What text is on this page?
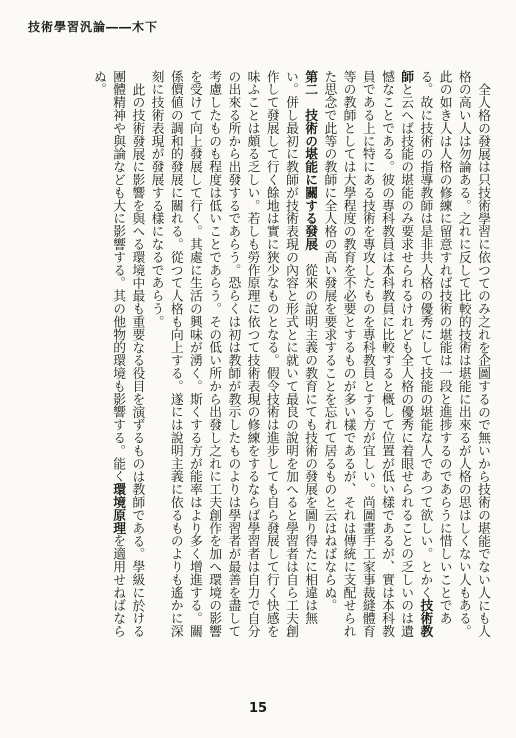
技術學習汎論――木下

全人格の發展は只技術學習に依つてのみ之れを企圖するので無いから技術の堪能でない人にも人格の高い人は勿論ある。之れに反して比較的技術は堪能に出來るが人格の思はしくない人もある。此の如き人は人格の修練に留意すれば技術の堪能は一段と進捗するのであらうに惜しいことである。故に技術の指導教師は是非共人格の優秀にして技能の堪能な人であつて欲しい。とかく技術教師と云へば技能の堪能のみ要求せられるけれども全人格の優秀に着眼せられることの乏しいのは遺憾なことである。彼の專科教員は本科教員に比較すると概して位置が低い樣であるが、實は本科教員である上に特にある技術を專攻したものを專科教員とする方が宜しい。尚圖畫手工家事裁縫體育等の教師としては大學程度の教育を不必要とするものが多い樣であるが、それは傳統に支配せられた思念で此等の教師に全人格の高い發展を要求することを忘れて居るものと云はねばならぬ。

第二　技術の堪能に關する發展　從來の說明主義の教育にても技術の發展を圖り得たに相違は無い。併し最初に教師が技術表現の內容と形式とに就いて最良の說明を加へると學習者は自ら工夫創作して發展して行く餘地は實に狹少なものとなる。假令技術は進步しても自ら發展して行く快感を味ふことは頗る乏しい。若しも勞作原理に依つて技術表現の修練をするならば學習者は自力で自分の出來る所から出發するであらう。恐らくは初は教師が教示したものよりは學習者が最善を盡して考慮したものも程度は低いことであらう。その低い所から出發し之れに工夫創作を加へ環境の影響を受けて向上發展して行く。其處に生活の興味が湧く。斯くする方が能率はより多く增進する。關係價値の調和的發展に關れる。從つて人格も向上する。遂には說明主義に依るものよりも遙かに深刻に技術表現が發展する樣になるであらう。

此の技術發展に影響を與へる環境中最も重要なる役目を演ずるものは教師である。學級に於ける團體精神や與論なども大に影響する。其の他物的環境も影響する。能く環境原理を適用せねばならぬ。

15
